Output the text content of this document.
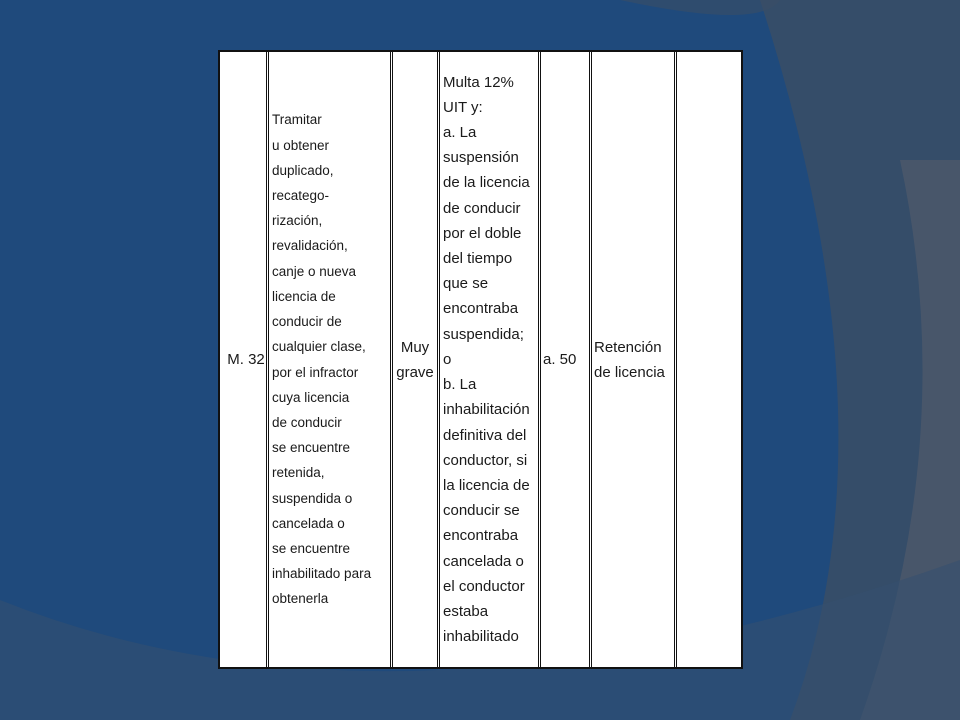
M. 32
Tramitar
u obtener
duplicado,
recatego-
rización,
revalidación,
canje o nueva
licencia de
conducir de
cualquier clase,
por el infractor
cuya licencia
de conducir
se encuentre
retenida,
suspendida o
cancelada o
se encuentre
inhabilitado para
obtenerla
Muy
grave
Multa 12%
UIT y:
a. La
suspensión
de la licencia
de conducir
por el doble
del tiempo
que se
encontraba
suspendida;
o
b. La
inhabilitación
definitiva del
conductor, si
la licencia de
conducir se
encontraba
cancelada o
el conductor
estaba
inhabilitado
a. 50
Retención
de licencia
